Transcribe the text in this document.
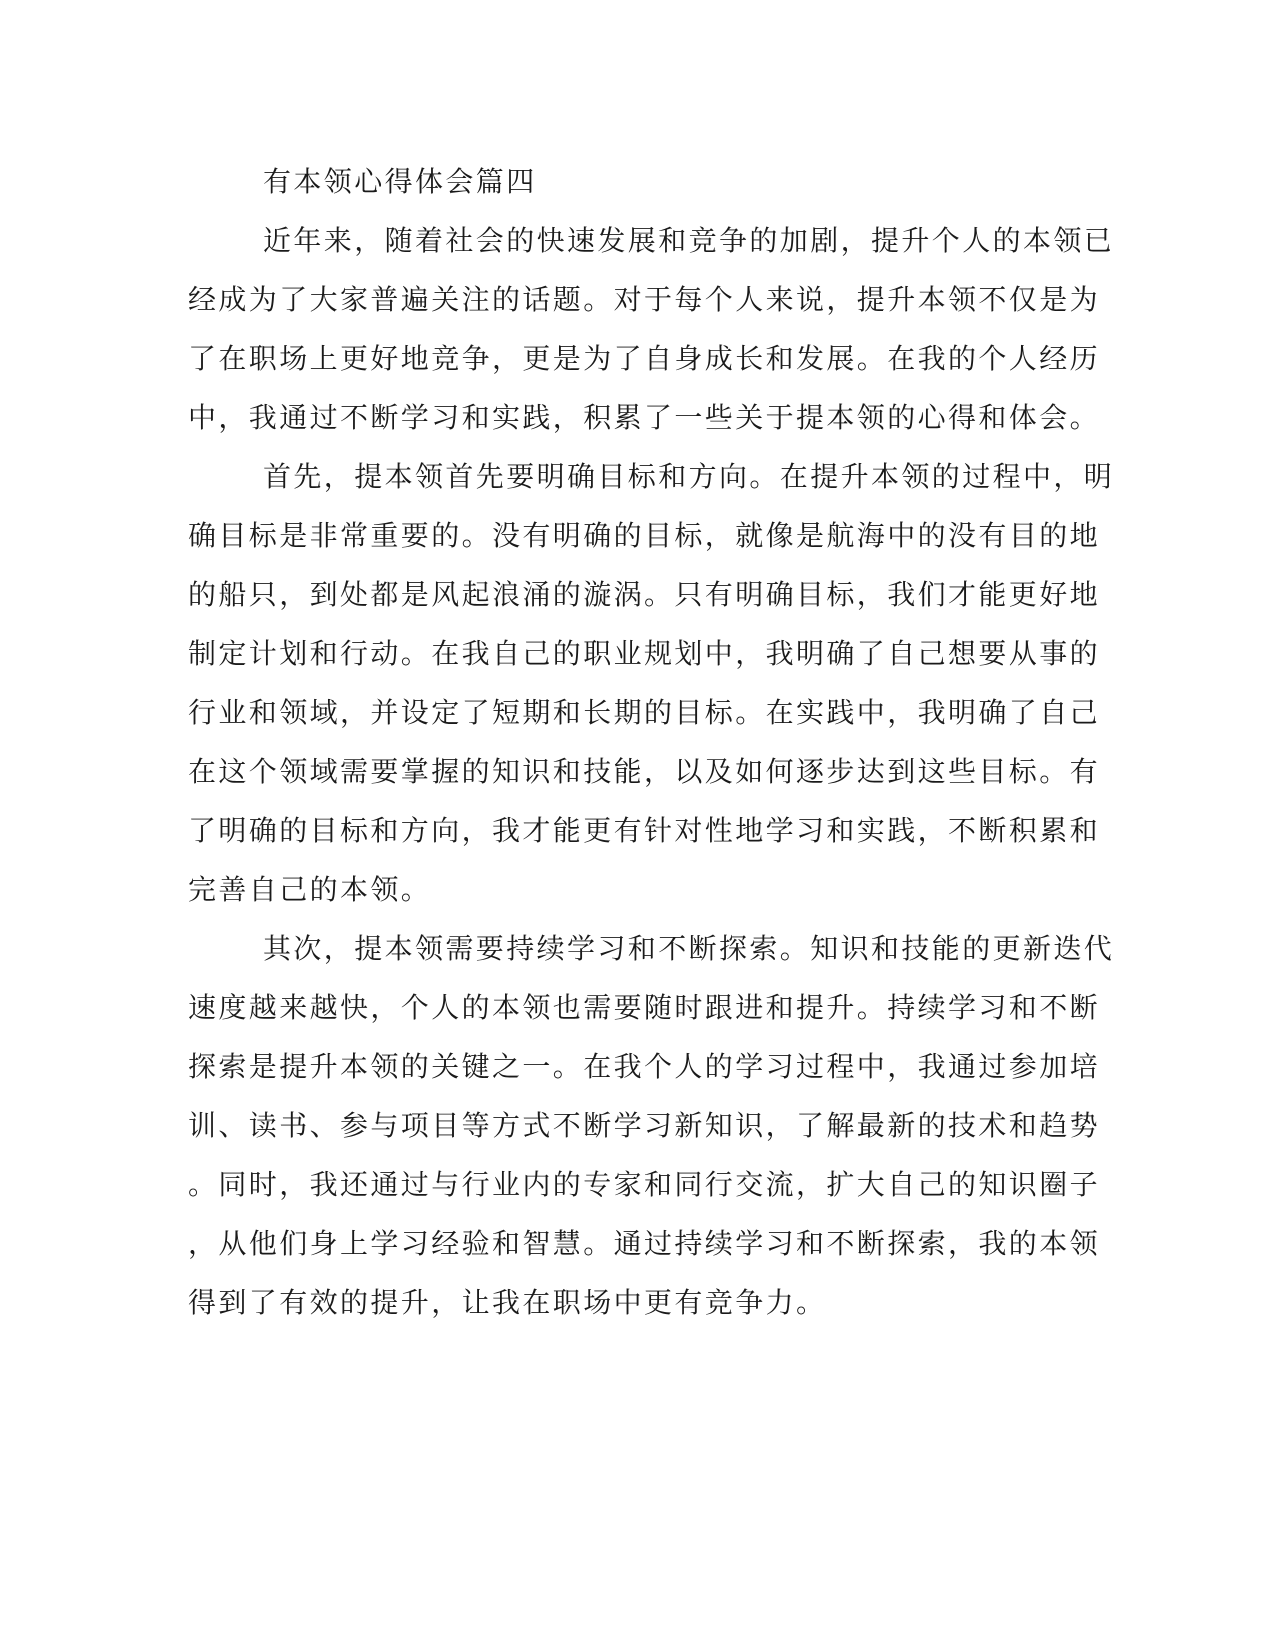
有本领心得体会篇四
近年来，随着社会的快速发展和竞争的加剧，提升个人的本领已
经成为了大家普遍关注的话题。对于每个人来说，提升本领不仅是为
了在职场上更好地竞争，更是为了自身成长和发展。在我的个人经历
中，我通过不断学习和实践，积累了一些关于提本领的心得和体会。
首先，提本领首先要明确目标和方向。在提升本领的过程中，明
确目标是非常重要的。没有明确的目标，就像是航海中的没有目的地
的船只，到处都是风起浪涌的漩涡。只有明确目标，我们才能更好地
制定计划和行动。在我自己的职业规划中，我明确了自己想要从事的
行业和领域，并设定了短期和长期的目标。在实践中，我明确了自己
在这个领域需要掌握的知识和技能，以及如何逐步达到这些目标。有
了明确的目标和方向，我才能更有针对性地学习和实践，不断积累和
完善自己的本领。
其次，提本领需要持续学习和不断探索。知识和技能的更新迭代
速度越来越快，个人的本领也需要随时跟进和提升。持续学习和不断
探索是提升本领的关键之一。在我个人的学习过程中，我通过参加培
训、读书、参与项目等方式不断学习新知识，了解最新的技术和趋势
。同时，我还通过与行业内的专家和同行交流，扩大自己的知识圈子
，从他们身上学习经验和智慧。通过持续学习和不断探索，我的本领
得到了有效的提升，让我在职场中更有竞争力。
